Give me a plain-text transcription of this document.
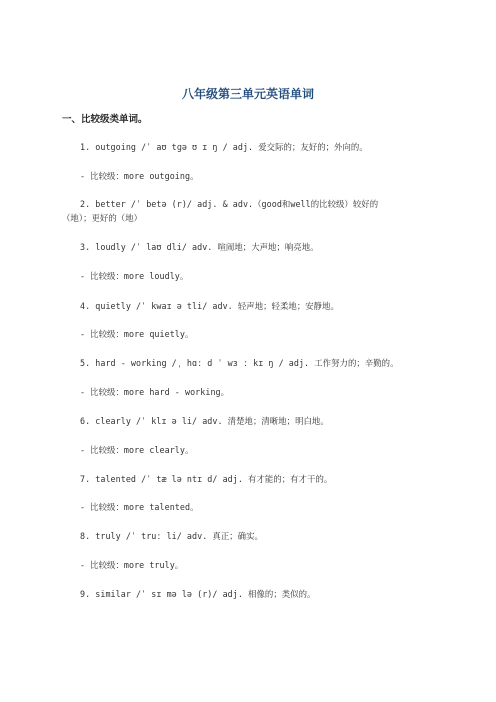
八年级第三单元英语单词
一、比较级类单词。
1. outgoing /ˈ aʊ tɡə ʊ ɪ ŋ / adj. 爱交际的；友好的；外向的。
- 比较级：more outgoing。
2. better /ˈ betə (r)/ adj. & adv.（good和well的比较级）较好的
（地）；更好的（地）
3. loudly /ˈ laʊ dli/ adv. 喧闹地；大声地；响亮地。
- 比较级：more loudly。
4. quietly /ˈ kwaɪ ə tli/ adv. 轻声地；轻柔地；安静地。
- 比较级：more quietly。
5. hard - working /ˌ hɑː d ˈ wɜ ː kɪ ŋ / adj. 工作努力的；辛勤的。
- 比较级：more hard - working。
6. clearly /ˈ klɪ ə li/ adv. 清楚地；清晰地；明白地。
- 比较级：more clearly。
7. talented /ˈ tæ lə ntɪ d/ adj. 有才能的；有才干的。
- 比较级：more talented。
8. truly /ˈ truː li/ adv. 真正；确实。
- 比较级：more truly。
9. similar /ˈ sɪ mə lə (r)/ adj. 相像的；类似的。
